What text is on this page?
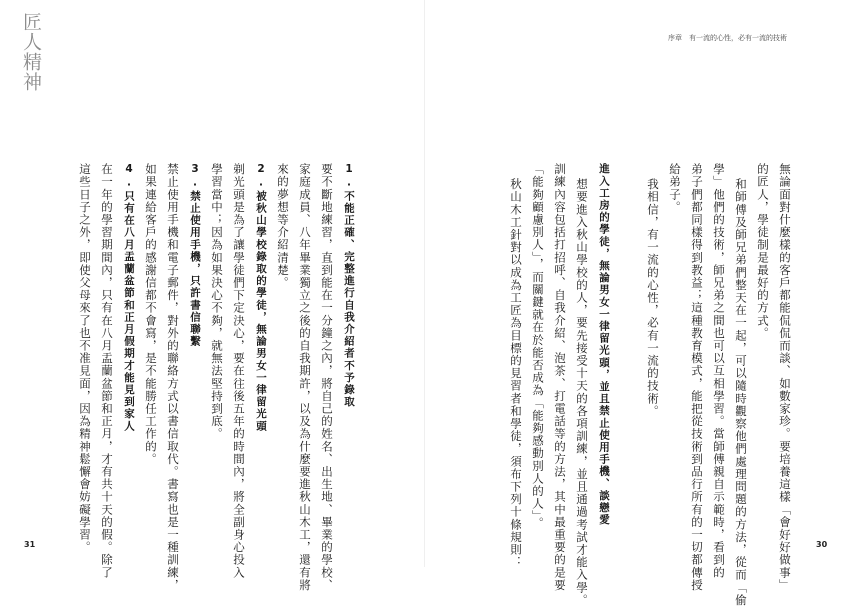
匠人精神	序章　有一流的心性，必有一流的技術
無論面對什麼樣的客戶都能侃侃而談、如數家珍。要培養這樣「會好好做事」
的匠人，學徒制是最好的方式。
和師傅及師兄弟們整天在一起，可以隨時觀察他們處理問題的方法，從而「偷
學」他們的技術，師兄弟之間也可以互相學習。當師傅親自示範時，看到的
弟子們都同樣得到教益；這種教育模式，能把從技術到品行所有的一切都傳授
給弟子。
我相信，有一流的心性，必有一流的技術。
進入工房的學徒，無論男女一律留光頭，並且禁止使用手機、談戀愛
想要進入秋山學校的人，要先接受十天的各項訓練，並且通過考試才能入學。
訓練內容包括打招呼、自我介紹、泡茶、打電話等的方法，其中最重要的是要
「能夠顧慮別人」，而關鍵就在於能否成為「能夠感動別人的人」。
秋山木工針對以成為工匠為目標的見習者和學徒，須布下列十條規則：
1.不能正確、完整進行自我介紹者不予錄取
要不斷地練習，直到能在一分鐘之內，將自己的姓名、出生地、畢業的學校、
家庭成員、八年畢業獨立之後的自我期許，以及為什麼要進秋山木工，還有將
來的夢想等介紹清楚。
2.被秋山學校錄取的學徒，無論男女一律留光頭
剃光頭是為了讓學徒們下定決心，要在往後五年的時間內，將全副身心投入
學習當中；因為如果決心不夠，就無法堅持到底。
3.禁止使用手機，只許書信聯繫
禁止使用手機和電子郵件，對外的聯絡方式以書信取代。書寫也是一種訓練，
如果連給客戶的感謝信都不會寫，是不能勝任工作的。
4.只有在八月盂蘭盆節和正月假期才能見到家人
在一年的學習期間內，只有在八月盂蘭盆節和正月，才有共十天的假。除了
這些日子之外，即使父母來了也不准見面，因為精神鬆懈會妨礙學習。
31	30
